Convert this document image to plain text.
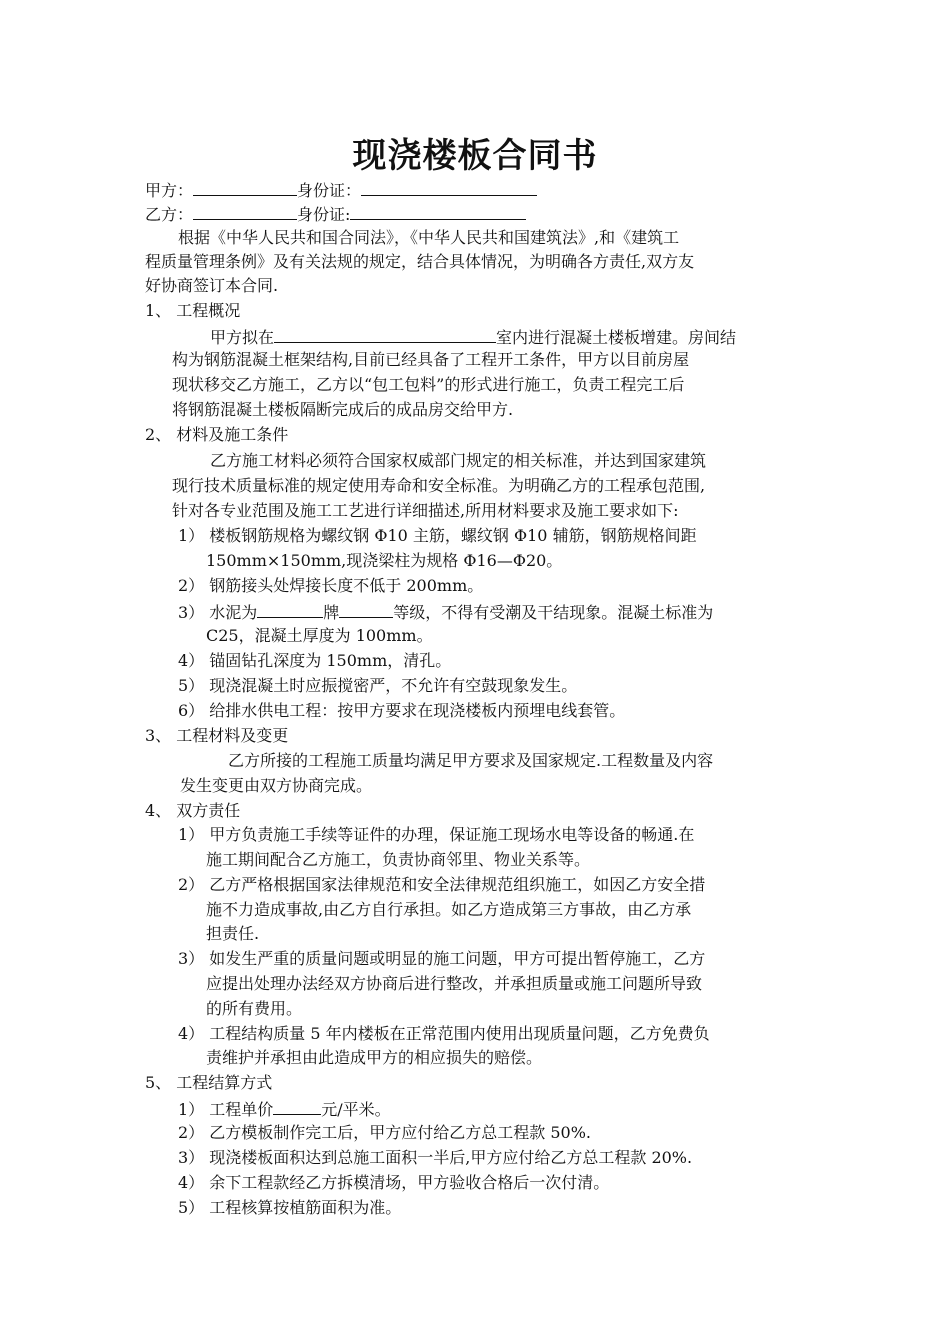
现浇楼板合同书
甲方：	身份证：
乙方：	身份证:
根据《中华人民共和国合同法》，《中华人民共和国建筑法》,和《建筑工
程质量管理条例》及有关法规的规定，结合具体情况，为明确各方责任,双方友
好协商签订本合同.
1、 工程概况
甲方拟在	室内进行混凝土楼板增建。房间结
构为钢筋混凝土框架结构,目前已经具备了工程开工条件，甲方以目前房屋
现状移交乙方施工，乙方以“包工包料”的形式进行施工，负责工程完工后
将钢筋混凝土楼板隔断完成后的成品房交给甲方.
2、 材料及施工条件
乙方施工材料必须符合国家权威部门规定的相关标准，并达到国家建筑
现行技术质量标准的规定使用寿命和安全标准。为明确乙方的工程承包范围,
针对各专业范围及施工工艺进行详细描述,所用材料要求及施工要求如下:
1） 楼板钢筋规格为螺纹钢 Φ10 主筋，螺纹钢 Φ10 辅筋，钢筋规格间距
150mm×150mm,现浇梁柱为规格 Φ16—Φ20。
2） 钢筋接头处焊接长度不低于 200mm。
3） 水泥为	牌	等级，不得有受潮及干结现象。混凝土标准为
C25，混凝土厚度为 100mm。
4） 锚固钻孔深度为 150mm，清孔。
5） 现浇混凝土时应振搅密严，不允许有空鼓现象发生。
6） 给排水供电工程：按甲方要求在现浇楼板内预埋电线套管。
3、 工程材料及变更
乙方所接的工程施工质量均满足甲方要求及国家规定.工程数量及内容
发生变更由双方协商完成。
4、 双方责任
1） 甲方负责施工手续等证件的办理，保证施工现场水电等设备的畅通.在
施工期间配合乙方施工，负责协商邻里、物业关系等。
2） 乙方严格根据国家法律规范和安全法律规范组织施工，如因乙方安全措
施不力造成事故,由乙方自行承担。如乙方造成第三方事故，由乙方承
担责任.
3） 如发生严重的质量问题或明显的施工问题，甲方可提出暂停施工，乙方
应提出处理办法经双方协商后进行整改，并承担质量或施工问题所导致
的所有费用。
4） 工程结构质量 5 年内楼板在正常范围内使用出现质量问题，乙方免费负
责维护并承担由此造成甲方的相应损失的赔偿。
5、 工程结算方式
1） 工程单价	元/平米。
2） 乙方模板制作完工后，甲方应付给乙方总工程款 50%.
3） 现浇楼板面积达到总施工面积一半后,甲方应付给乙方总工程款 20%.
4） 余下工程款经乙方拆模清场，甲方验收合格后一次付清。
5） 工程核算按植筋面积为准。
